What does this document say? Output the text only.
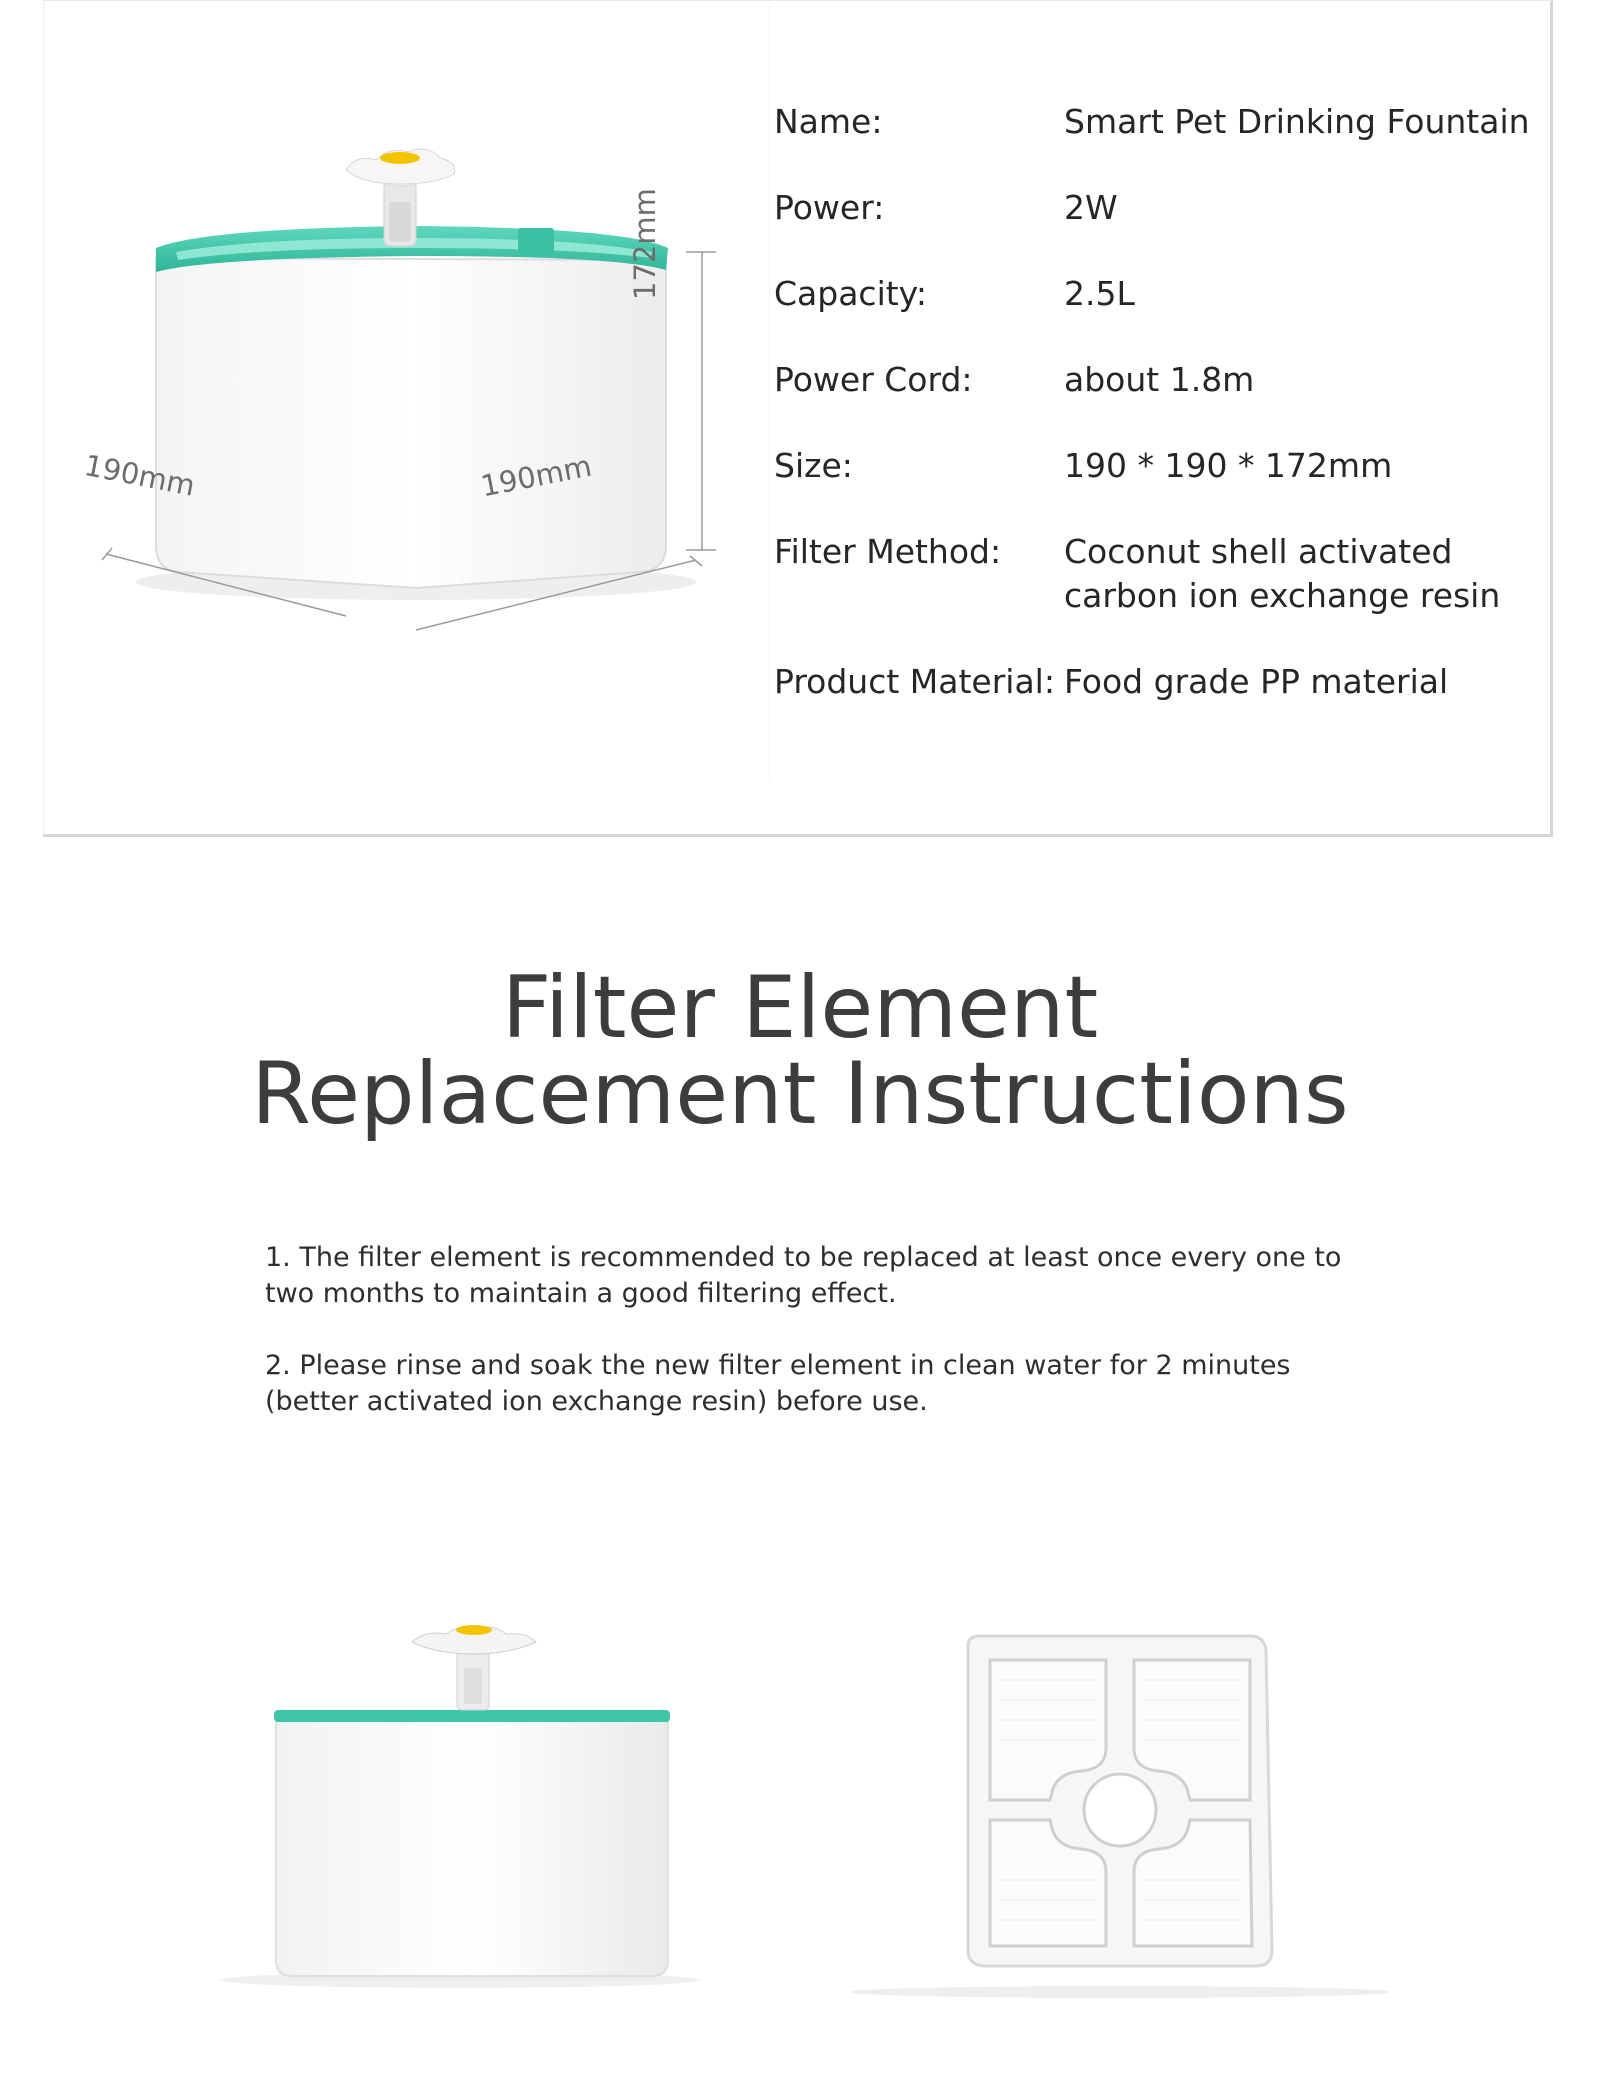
190mm	190mm
172mm
Name:	Smart Pet Drinking Fountain
Power:	2W
Capacity:	2.5L
Power Cord:	about 1.8m
Size:	190 * 190 * 172mm
Filter Method:	Coconut shell activated
carbon ion exchange resin
Product Material: Food grade PP material
Filter Element
Replacement Instructions

1. The filter element is recommended to be replaced at least once every one to two months to maintain a good filtering effect.

2. Please rinse and soak the new filter element in clean water for 2 minutes (better activated ion exchange resin) before use.
